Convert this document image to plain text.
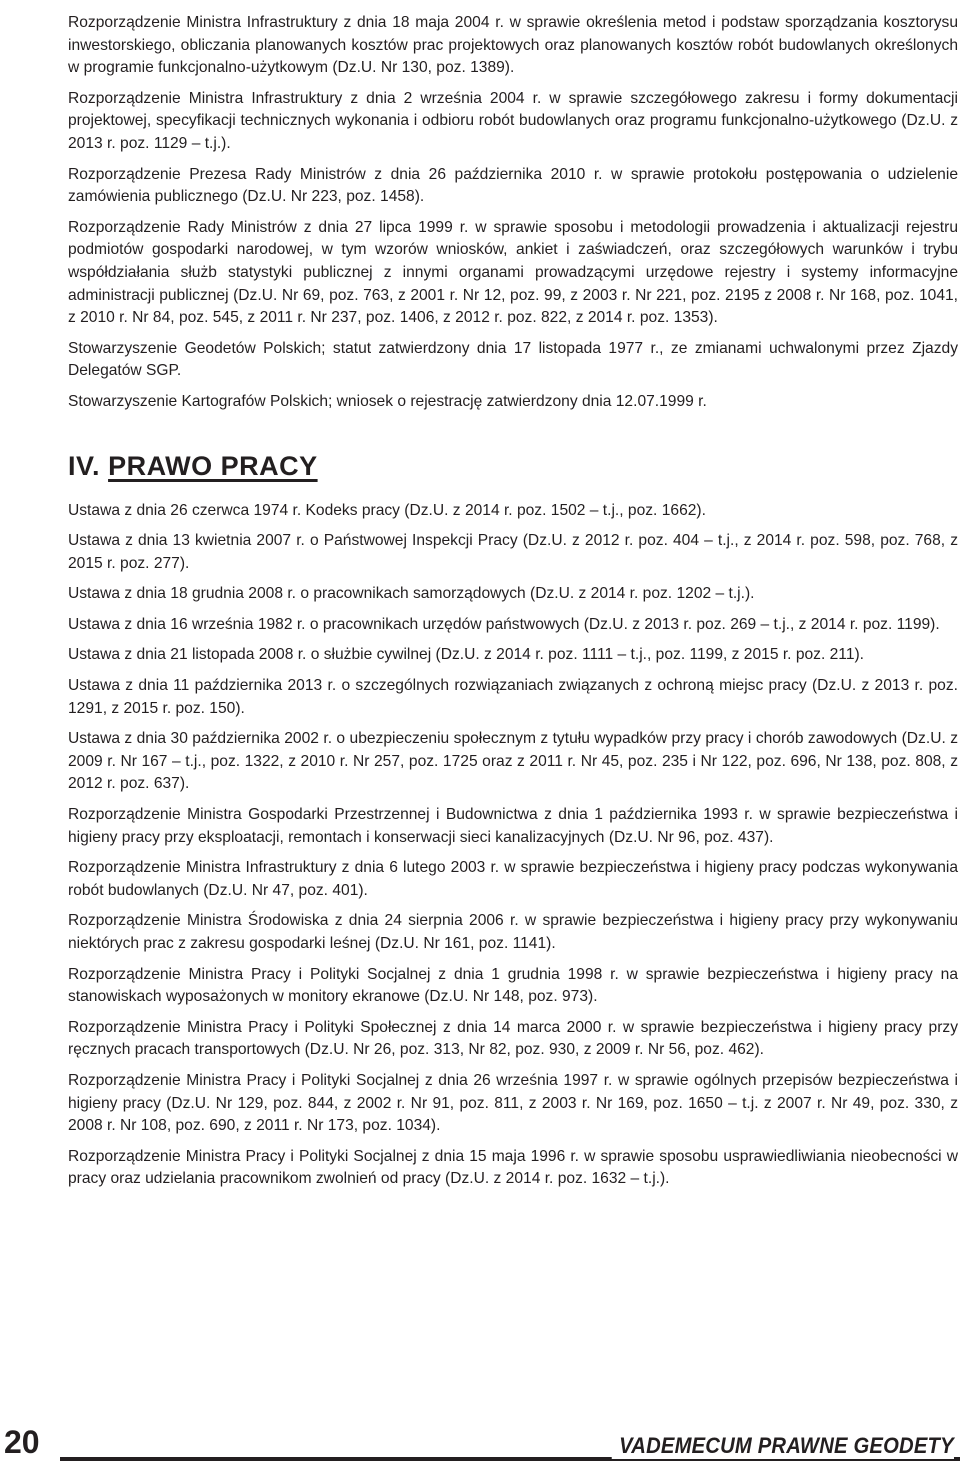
Rozporządzenie Ministra Infrastruktury z dnia 18 maja 2004 r. w sprawie określenia metod i podstaw sporządzania kosztorysu inwestorskiego, obliczania planowanych kosztów prac projektowych oraz planowanych kosztów robót budowlanych określonych w programie funkcjonalno-użytkowym (Dz.U. Nr 130, poz. 1389).

Rozporządzenie Ministra Infrastruktury z dnia 2 września 2004 r. w sprawie szczegółowego zakresu i formy dokumentacji projektowej, specyfikacji technicznych wykonania i odbioru robót budowlanych oraz programu funkcjonalno-użytkowego (Dz.U. z 2013 r. poz. 1129 – t.j.).

Rozporządzenie Prezesa Rady Ministrów z dnia 26 października 2010 r. w sprawie protokołu postępowania o udzielenie zamówienia publicznego (Dz.U. Nr 223, poz. 1458).

Rozporządzenie Rady Ministrów z dnia 27 lipca 1999 r. w sprawie sposobu i metodologii prowadzenia i aktualizacji rejestru podmiotów gospodarki narodowej, w tym wzorów wniosków, ankiet i zaświadczeń, oraz szczegółowych warunków i trybu współdziałania służb statystyki publicznej z innymi organami prowadzącymi urzędowe rejestry i systemy informacyjne administracji publicznej (Dz.U. Nr 69, poz. 763, z 2001 r. Nr 12, poz. 99, z 2003 r. Nr 221, poz. 2195 z 2008 r. Nr 168, poz. 1041, z 2010 r. Nr 84, poz. 545, z 2011 r. Nr 237, poz. 1406, z 2012 r. poz. 822, z 2014 r. poz. 1353).

Stowarzyszenie Geodetów Polskich; statut zatwierdzony dnia 17 listopada 1977 r., ze zmianami uchwalonymi przez Zjazdy Delegatów SGP.

Stowarzyszenie Kartografów Polskich; wniosek o rejestrację zatwierdzony dnia 12.07.1999 r.

IV. PRAWO PRACY

Ustawa z dnia 26 czerwca 1974 r. Kodeks pracy (Dz.U. z 2014 r. poz. 1502 – t.j., poz. 1662).

Ustawa z dnia 13 kwietnia 2007 r. o Państwowej Inspekcji Pracy (Dz.U. z 2012 r. poz. 404 – t.j., z 2014 r. poz. 598, poz. 768, z 2015 r. poz. 277).

Ustawa z dnia 18 grudnia 2008 r. o pracownikach samorządowych (Dz.U. z 2014 r. poz. 1202 – t.j.).

Ustawa z dnia 16 września 1982 r. o pracownikach urzędów państwowych (Dz.U. z 2013 r. poz. 269 – t.j., z 2014 r. poz. 1199).

Ustawa z dnia 21 listopada 2008 r. o służbie cywilnej (Dz.U. z 2014 r. poz. 1111 – t.j., poz. 1199, z 2015 r. poz. 211).

Ustawa z dnia 11 października 2013 r. o szczególnych rozwiązaniach związanych z ochroną miejsc pracy (Dz.U. z 2013 r. poz. 1291, z 2015 r. poz. 150).

Ustawa z dnia 30 października 2002 r. o ubezpieczeniu społecznym z tytułu wypadków przy pracy i chorób zawodowych (Dz.U. z 2009 r. Nr 167 – t.j., poz. 1322, z 2010 r. Nr 257, poz. 1725 oraz z 2011 r. Nr 45, poz. 235 i Nr 122, poz. 696, Nr 138, poz. 808, z 2012 r. poz. 637).

Rozporządzenie Ministra Gospodarki Przestrzennej i Budownictwa z dnia 1 października 1993 r. w sprawie bezpieczeństwa i higieny pracy przy eksploatacji, remontach i konserwacji sieci kanalizacyjnych (Dz.U. Nr 96, poz. 437).

Rozporządzenie Ministra Infrastruktury z dnia 6 lutego 2003 r. w sprawie bezpieczeństwa i higieny pracy podczas wykonywania robót budowlanych (Dz.U. Nr 47, poz. 401).

Rozporządzenie Ministra Środowiska z dnia 24 sierpnia 2006 r. w sprawie bezpieczeństwa i higieny pracy przy wykonywaniu niektórych prac z zakresu gospodarki leśnej (Dz.U. Nr 161, poz. 1141).

Rozporządzenie Ministra Pracy i Polityki Socjalnej z dnia 1 grudnia 1998 r. w sprawie bezpieczeństwa i higieny pracy na stanowiskach wyposażonych w monitory ekranowe (Dz.U. Nr 148, poz. 973).

Rozporządzenie Ministra Pracy i Polityki Społecznej z dnia 14 marca 2000 r. w sprawie bezpieczeństwa i higieny pracy przy ręcznych pracach transportowych (Dz.U. Nr 26, poz. 313, Nr 82, poz. 930, z 2009 r. Nr 56, poz. 462).

Rozporządzenie Ministra Pracy i Polityki Socjalnej z dnia 26 września 1997 r. w sprawie ogólnych przepisów bezpieczeństwa i higieny pracy (Dz.U. Nr 129, poz. 844, z 2002 r. Nr 91, poz. 811, z 2003 r. Nr 169, poz. 1650 – t.j. z 2007 r. Nr 49, poz. 330, z 2008 r. Nr 108, poz. 690, z 2011 r. Nr 173, poz. 1034).

Rozporządzenie Ministra Pracy i Polityki Socjalnej z dnia 15 maja 1996 r. w sprawie sposobu usprawiedliwiania nieobecności w pracy oraz udzielania pracownikom zwolnień od pracy (Dz.U. z 2014 r. poz. 1632 – t.j.).

20	VADEMECUM PRAWNE GEODETY
